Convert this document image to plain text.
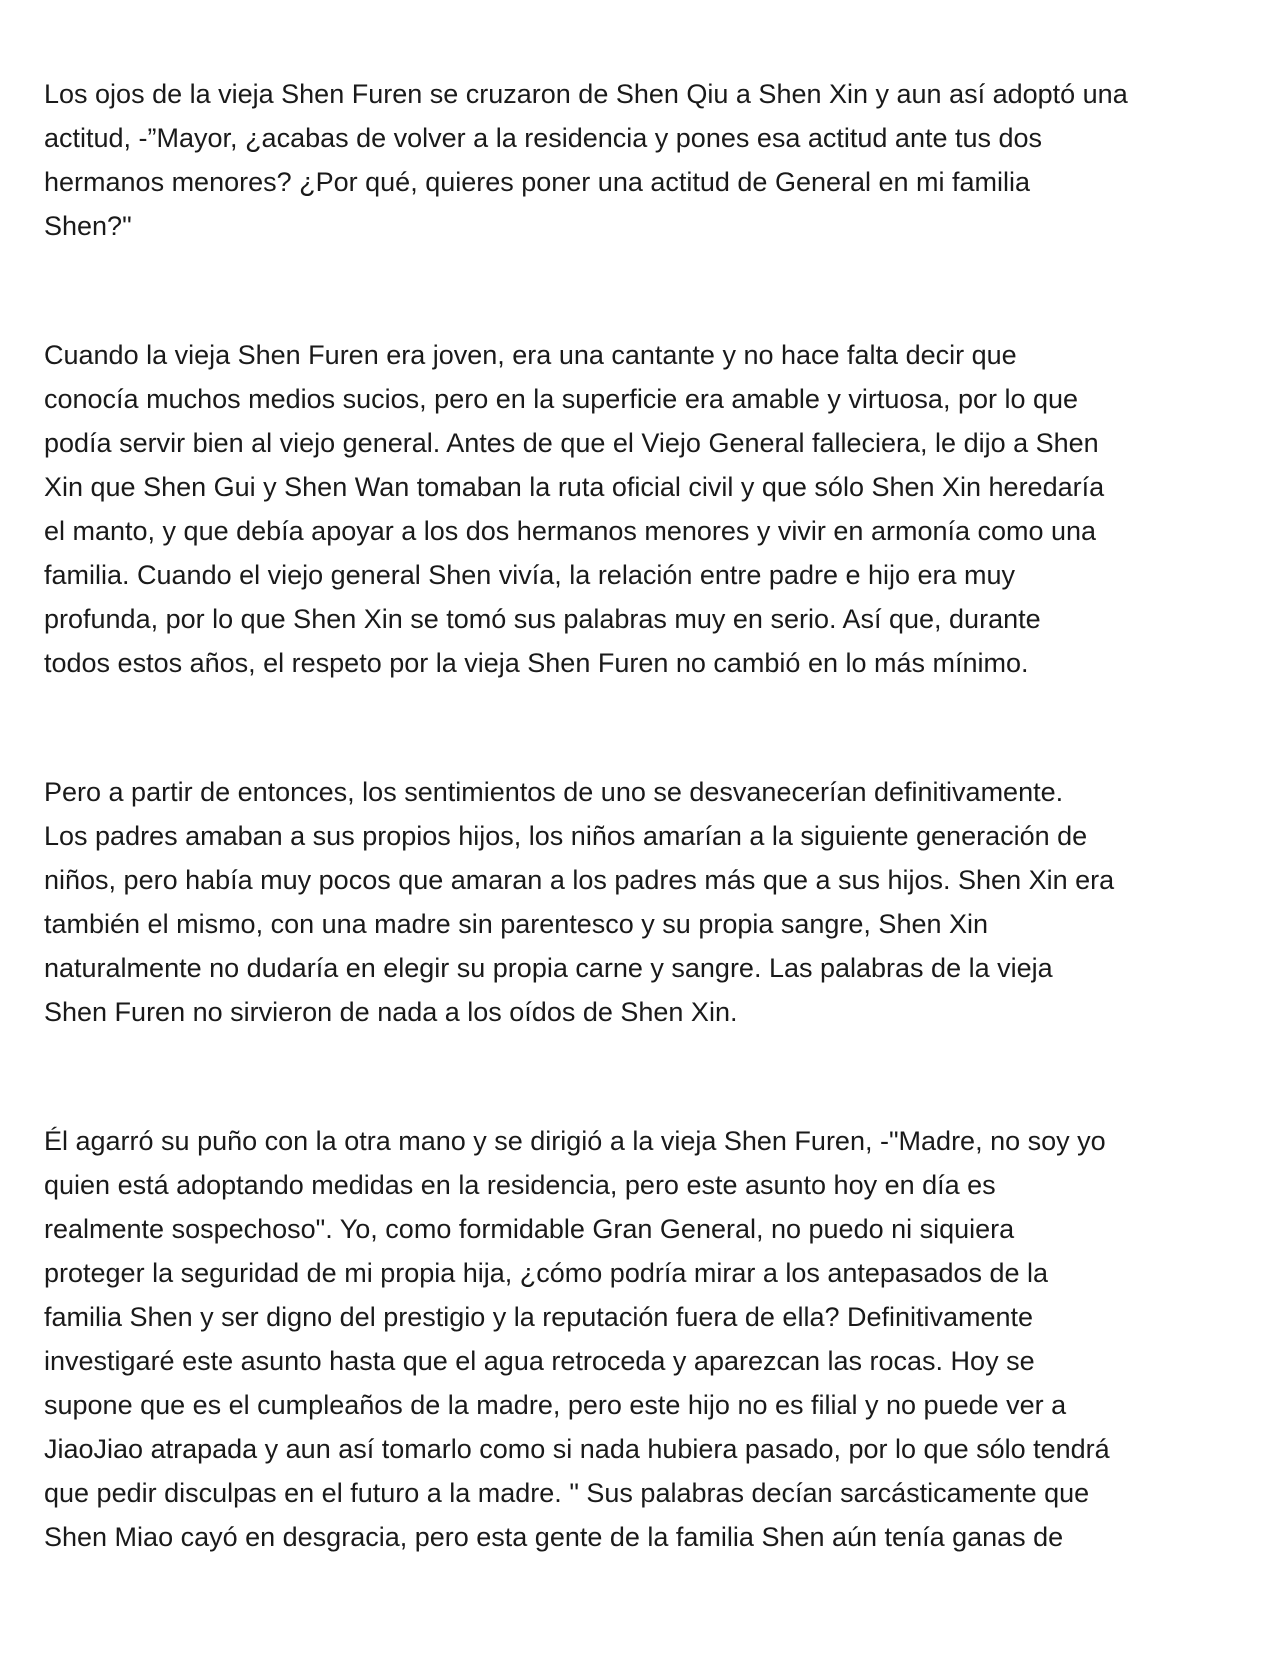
Los ojos de la vieja Shen Furen se cruzaron de Shen Qiu a Shen Xin y aun así adoptó una
actitud, -”Mayor, ¿acabas de volver a la residencia y pones esa actitud ante tus dos
hermanos menores? ¿Por qué, quieres poner una actitud de General en mi familia
Shen?"

Cuando la vieja Shen Furen era joven, era una cantante y no hace falta decir que
conocía muchos medios sucios, pero en la superficie era amable y virtuosa, por lo que
podía servir bien al viejo general. Antes de que el Viejo General falleciera, le dijo a Shen
Xin que Shen Gui y Shen Wan tomaban la ruta oficial civil y que sólo Shen Xin heredaría
el manto, y que debía apoyar a los dos hermanos menores y vivir en armonía como una
familia. Cuando el viejo general Shen vivía, la relación entre padre e hijo era muy
profunda, por lo que Shen Xin se tomó sus palabras muy en serio. Así que, durante
todos estos años, el respeto por la vieja Shen Furen no cambió en lo más mínimo.

Pero a partir de entonces, los sentimientos de uno se desvanecerían definitivamente.
Los padres amaban a sus propios hijos, los niños amarían a la siguiente generación de
niños, pero había muy pocos que amaran a los padres más que a sus hijos. Shen Xin era
también el mismo, con una madre sin parentesco y su propia sangre, Shen Xin
naturalmente no dudaría en elegir su propia carne y sangre. Las palabras de la vieja
Shen Furen no sirvieron de nada a los oídos de Shen Xin.

Él agarró su puño con la otra mano y se dirigió a la vieja Shen Furen, -"Madre, no soy yo
quien está adoptando medidas en la residencia, pero este asunto hoy en día es
realmente sospechoso". Yo, como formidable Gran General, no puedo ni siquiera
proteger la seguridad de mi propia hija, ¿cómo podría mirar a los antepasados de la
familia Shen y ser digno del prestigio y la reputación fuera de ella? Definitivamente
investigaré este asunto hasta que el agua retroceda y aparezcan las rocas. Hoy se
supone que es el cumpleaños de la madre, pero este hijo no es filial y no puede ver a
JiaoJiao atrapada y aun así tomarlo como si nada hubiera pasado, por lo que sólo tendrá
que pedir disculpas en el futuro a la madre. " Sus palabras decían sarcásticamente que
Shen Miao cayó en desgracia, pero esta gente de la familia Shen aún tenía ganas de
